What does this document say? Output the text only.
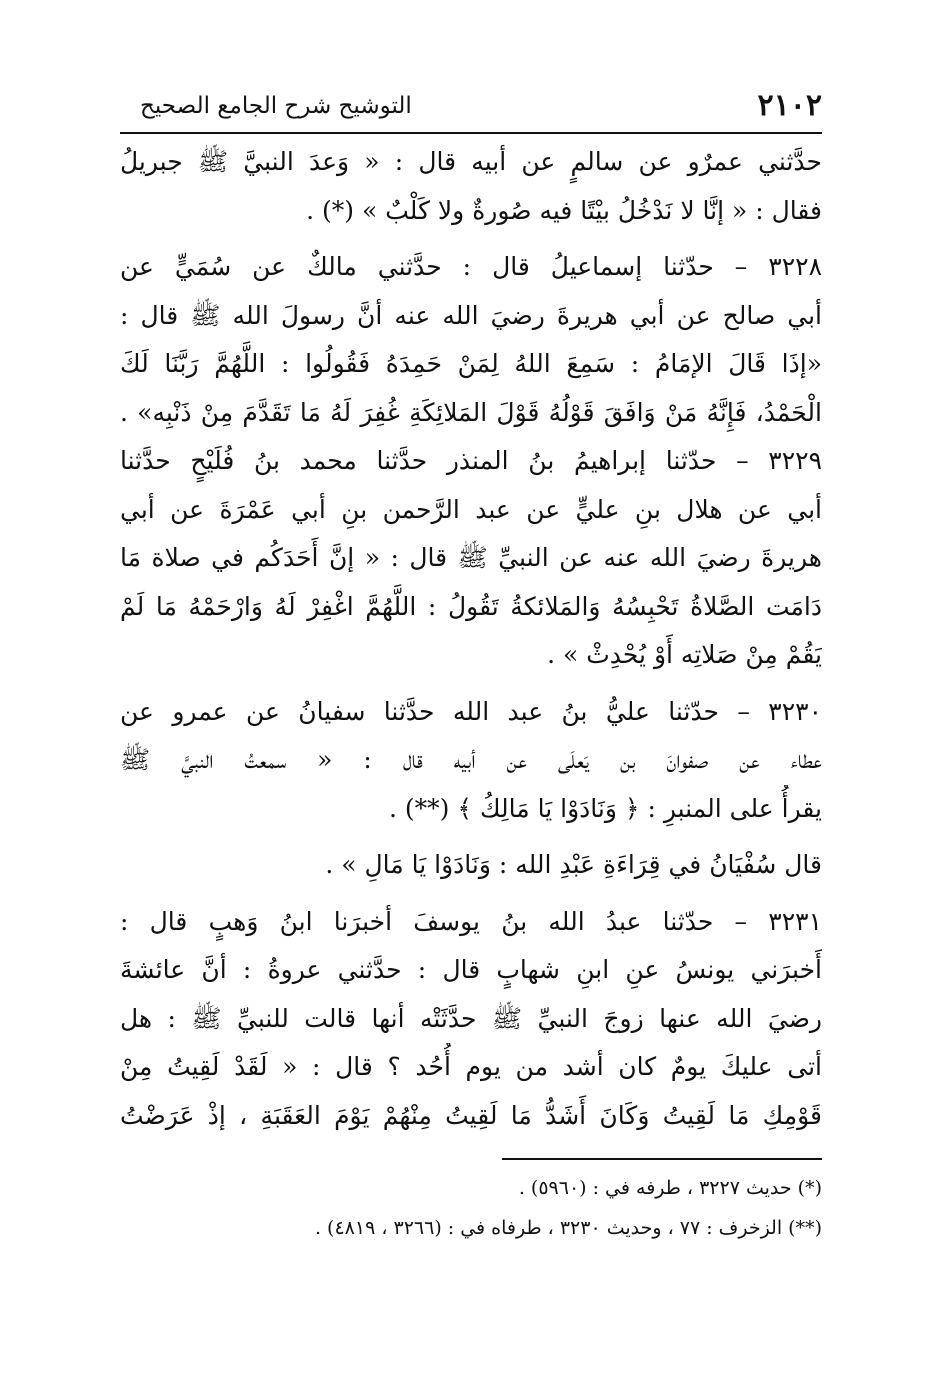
٢١٠٢
التوشيح شرح الجامع الصحيح
حدَّثني عمرٌو عن سالمٍ عن أبيه قال : « وَعدَ النبيَّ ﷺ جبريلُ
فقال : « إنَّا لا نَدْخُلُ بيْتًا فيه صُورةٌ ولا كَلْبٌ » (*) .
٣٢٢٨ – حدّثنا إسماعيلُ قال : حدَّثني مالكٌ عن سُمَيٍّ عن
أبي صالح عن أبي هريرةَ رضيَ الله عنه أنَّ رسولَ الله ﷺ قال :
«إذَا قَالَ الإمَامُ : سَمِعَ اللهُ لِمَنْ حَمِدَهُ فَقُولُوا : اللَّهُمَّ رَبَّنَا لَكَ
الْحَمْدُ، فَإِنَّهُ مَنْ وَافَقَ قَوْلُهُ قَوْلَ المَلائِكَةِ غُفِرَ لَهُ مَا تَقَدَّمَ مِنْ ذَنْبِه» .
٣٢٢٩ – حدّثنا إبراهيمُ بنُ المنذر حدَّثنا محمد بنُ فُلَيْحٍ حدَّثنا
أبي عن هلال بنِ عليٍّ عن عبد الرَّحمن بنِ أبي عَمْرَةَ عن أبي
هريرةَ رضيَ الله عنه عن النبيِّ ﷺ قال : « إنَّ أَحَدَكُم في صلاة مَا
دَامَت الصَّلاةُ تَحْبِسُهُ وَالمَلائكةُ تَقُولُ : اللَّهُمَّ اغْفِرْ لَهُ وَارْحَمْهُ مَا لَمْ
يَقُمْ مِنْ صَلاتِه أَوْ يُحْدِثْ » .
٣٢٣٠ – حدّثنا عليُّ بنُ عبد الله حدَّثنا سفيانُ عن عمرو عن
عطاء عن صفوانَ بن يَعلَى عن أبيه قال : « سمعتُ النبيَّ ﷺ
يقرأُ على المنبرِ : ﴿ وَنَادَوْا يَا مَالِكُ ﴾ (**) .
قال سُفْيَانُ في قِرَاءَةِ عَبْدِ الله : وَنَادَوْا يَا مَالِ » .
٣٢٣١ – حدّثنا عبدُ الله بنُ يوسفَ أخبرَنا ابنُ وَهبٍ قال :
أَخبرَني يونسُ عنِ ابنِ شهابٍ قال : حدَّثني عروةُ : أنَّ عائشةَ
رضيَ الله عنها زوجَ النبيِّ ﷺ حدَّثَتْه أنها قالت للنبيِّ ﷺ : هل
أتى عليكَ يومٌ كان أشد من يوم أُحُد ؟ قال : « لَقَدْ لَقِيتُ مِنْ
قَوْمِكِ مَا لَقِيتُ وَكَانَ أَشَدُّ مَا لَقِيتُ مِنْهُمْ يَوْمَ العَقَبَةِ ، إذْ عَرَضْتُ
(*) حديث ٣٢٢٧ ، طرفه في : (٥٩٦٠) .
(**) الزخرف : ٧٧ ، وحديث ٣٢٣٠ ، طرفاه في : (٣٢٦٦ ، ٤٨١٩) .
